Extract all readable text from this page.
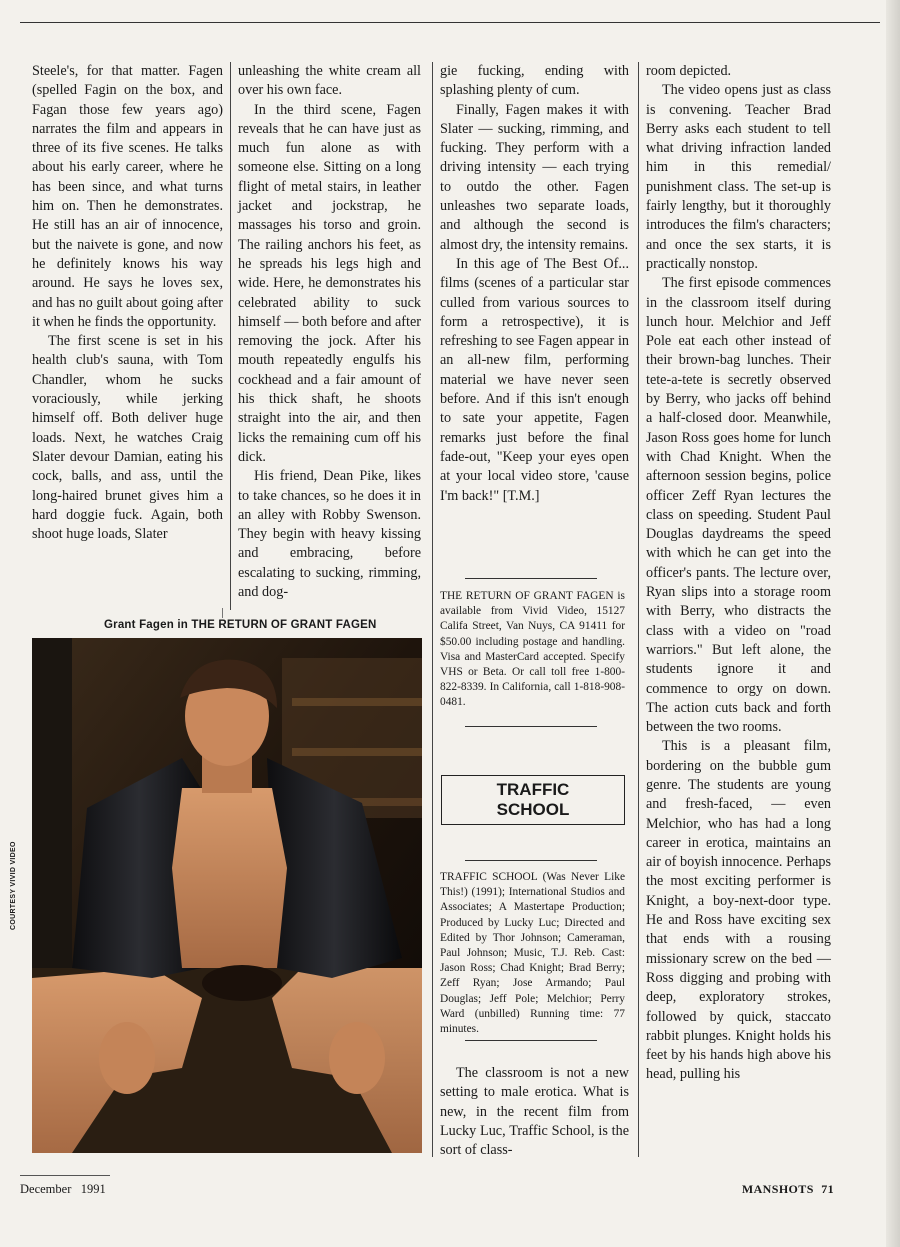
Steele's, for that matter. Fagen (spelled Fagin on the box, and Fagan those few years ago) narrates the film and appears in three of its five scenes. He talks about his early career, where he has been since, and what turns him on. Then he demonstrates. He still has an air of innocence, but the naivete is gone, and now he definitely knows his way around. He says he loves sex, and has no guilt about going after it when he finds the opportunity.

The first scene is set in his health club's sauna, with Tom Chandler, whom he sucks voraciously, while jerking himself off. Both deliver huge loads. Next, he watches Craig Slater devour Damian, eating his cock, balls, and ass, until the long-haired brunet gives him a hard doggie fuck. Again, both shoot huge loads, Slater

unleashing the white cream all over his own face.

In the third scene, Fagen reveals that he can have just as much fun alone as with someone else. Sitting on a long flight of metal stairs, in leather jacket and jockstrap, he massages his torso and groin. The railing anchors his feet, as he spreads his legs high and wide. Here, he demonstrates his celebrated ability to suck himself — both before and after removing the jock. After his mouth repeatedly engulfs his cockhead and a fair amount of his thick shaft, he shoots straight into the air, and then licks the remaining cum off his dick.

His friend, Dean Pike, likes to take chances, so he does it in an alley with Robby Swenson. They begin with heavy kissing and embracing, before escalating to sucking, rimming, and dog-

gie fucking, ending with splashing plenty of cum.

Finally, Fagen makes it with Slater — sucking, rimming, and fucking. They perform with a driving intensity — each trying to outdo the other. Fagen unleashes two separate loads, and although the second is almost dry, the intensity remains.

In this age of The Best Of... films (scenes of a particular star culled from various sources to form a retrospective), it is refreshing to see Fagen appear in an all-new film, performing material we have never seen before. And if this isn't enough to sate your appetite, Fagen remarks just before the final fade-out, "Keep your eyes open at your local video store, 'cause I'm back!" [T.M.]

THE RETURN OF GRANT FAGEN is available from Vivid Video, 15127 Califa Street, Van Nuys, CA 91411 for $50.00 including postage and handling. Visa and MasterCard accepted. Specify VHS or Beta. Or call toll free 1-800-822-8339. In California, call 1-818-908-0481.

TRAFFIC
SCHOOL

TRAFFIC SCHOOL (Was Never Like This!) (1991); International Studios and Associates; A Mastertape Production; Produced by Lucky Luc; Directed and Edited by Thor Johnson; Cameraman, Paul Johnson; Music, T.J. Reb. Cast: Jason Ross; Chad Knight; Brad Berry; Zeff Ryan; Jose Armando; Paul Douglas; Jeff Pole; Melchior; Perry Ward (unbilled) Running time: 77 minutes.

The classroom is not a new setting to male erotica. What is new, in the recent film from Lucky Luc, Traffic School, is the sort of class-

room depicted.

The video opens just as class is convening. Teacher Brad Berry asks each student to tell what driving infraction landed him in this remedial/ punishment class. The set-up is fairly lengthy, but it thoroughly introduces the film's characters; and once the sex starts, it is practically nonstop.

The first episode commences in the classroom itself during lunch hour. Melchior and Jeff Pole eat each other instead of their brown-bag lunches. Their tete-a-tete is secretly observed by Berry, who jacks off behind a half-closed door. Meanwhile, Jason Ross goes home for lunch with Chad Knight. When the afternoon session begins, police officer Zeff Ryan lectures the class on speeding. Student Paul Douglas daydreams the speed with which he can get into the officer's pants. The lecture over, Ryan slips into a storage room with Berry, who distracts the class with a video on "road warriors." But left alone, the students ignore it and commence to orgy on down. The action cuts back and forth between the two rooms.

This is a pleasant film, bordering on the bubble gum genre. The students are young and fresh-faced, — even Melchior, who has had a long career in erotica, maintains an air of boyish innocence. Perhaps the most exciting performer is Knight, a boy-next-door type. He and Ross have exciting sex that ends with a rousing missionary screw on the bed — Ross digging and probing with deep, exploratory strokes, followed by quick, staccato rabbit plunges. Knight holds his feet by his hands high above his head, pulling his

Grant Fagen in THE RETURN OF GRANT FAGEN
COURTESY VIVID VIDEO
December   1991	MANSHOTS 71
